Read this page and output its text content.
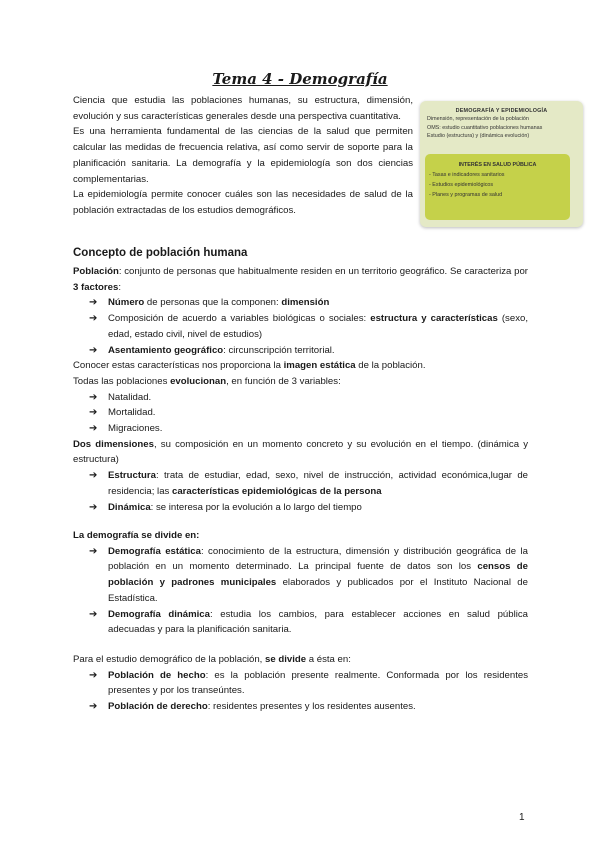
Tema 4 - Demografía
Ciencia que estudia las poblaciones humanas, su estructura, dimensión, evolución y sus características generales desde una perspectiva cuantitativa.
Es una herramienta fundamental de las ciencias de la salud que permiten calcular las medidas de frecuencia relativa, así como servir de soporte para la planificación sanitaria. La demografía y la epidemiología son dos ciencias complementarias.
La epidemiología permite conocer cuáles son las necesidades de salud de la población extractadas de los estudios demográficos.
DEMOGRAFÍA Y EPIDEMIOLOGÍA
Dimensión, representación de la población
OMS: estudio cuantitativo poblaciones humanas
Estudio (estructura) y (dinámica evolución)
INTERÉS EN SALUD PÚBLICA
- Tasas e indicadores sanitarios
- Estudios epidemiológicos
- Planes y programas de salud
Concepto de población humana
Población: conjunto de personas que habitualmente residen en un territorio geográfico. Se caracteriza por 3 factores:
➔ Número de personas que la componen: dimensión
➔ Composición de acuerdo a variables biológicas o sociales: estructura y características (sexo, edad, estado civil, nivel de estudios)
➔ Asentamiento geográfico: circunscripción territorial.
Conocer estas características nos proporciona la imagen estática de la población.
Todas las poblaciones evolucionan, en función de 3 variables:
➔ Natalidad.
➔ Mortalidad.
➔ Migraciones.
Dos dimensiones, su composición en un momento concreto y su evolución en el tiempo. (dinámica y estructura)
➔ Estructura: trata de estudiar, edad, sexo, nivel de instrucción, actividad económica,lugar de residencia; las características epidemiológicas de la persona
➔ Dinámica: se interesa por la evolución a lo largo del tiempo
La demografía se divide en:
➔ Demografía estática: conocimiento de la estructura, dimensión y distribución geográfica de la población en un momento determinado. La principal fuente de datos son los censos de población y padrones municipales elaborados y publicados por el Instituto Nacional de Estadística.
➔ Demografía dinámica: estudia los cambios, para establecer acciones en salud pública adecuadas y para la planificación sanitaria.
Para el estudio demográfico de la población, se divide a ésta en:
➔ Población de hecho: es la población presente realmente. Conformada por los residentes presentes y por los transeúntes.
➔ Población de derecho: residentes presentes y los residentes ausentes.
1
